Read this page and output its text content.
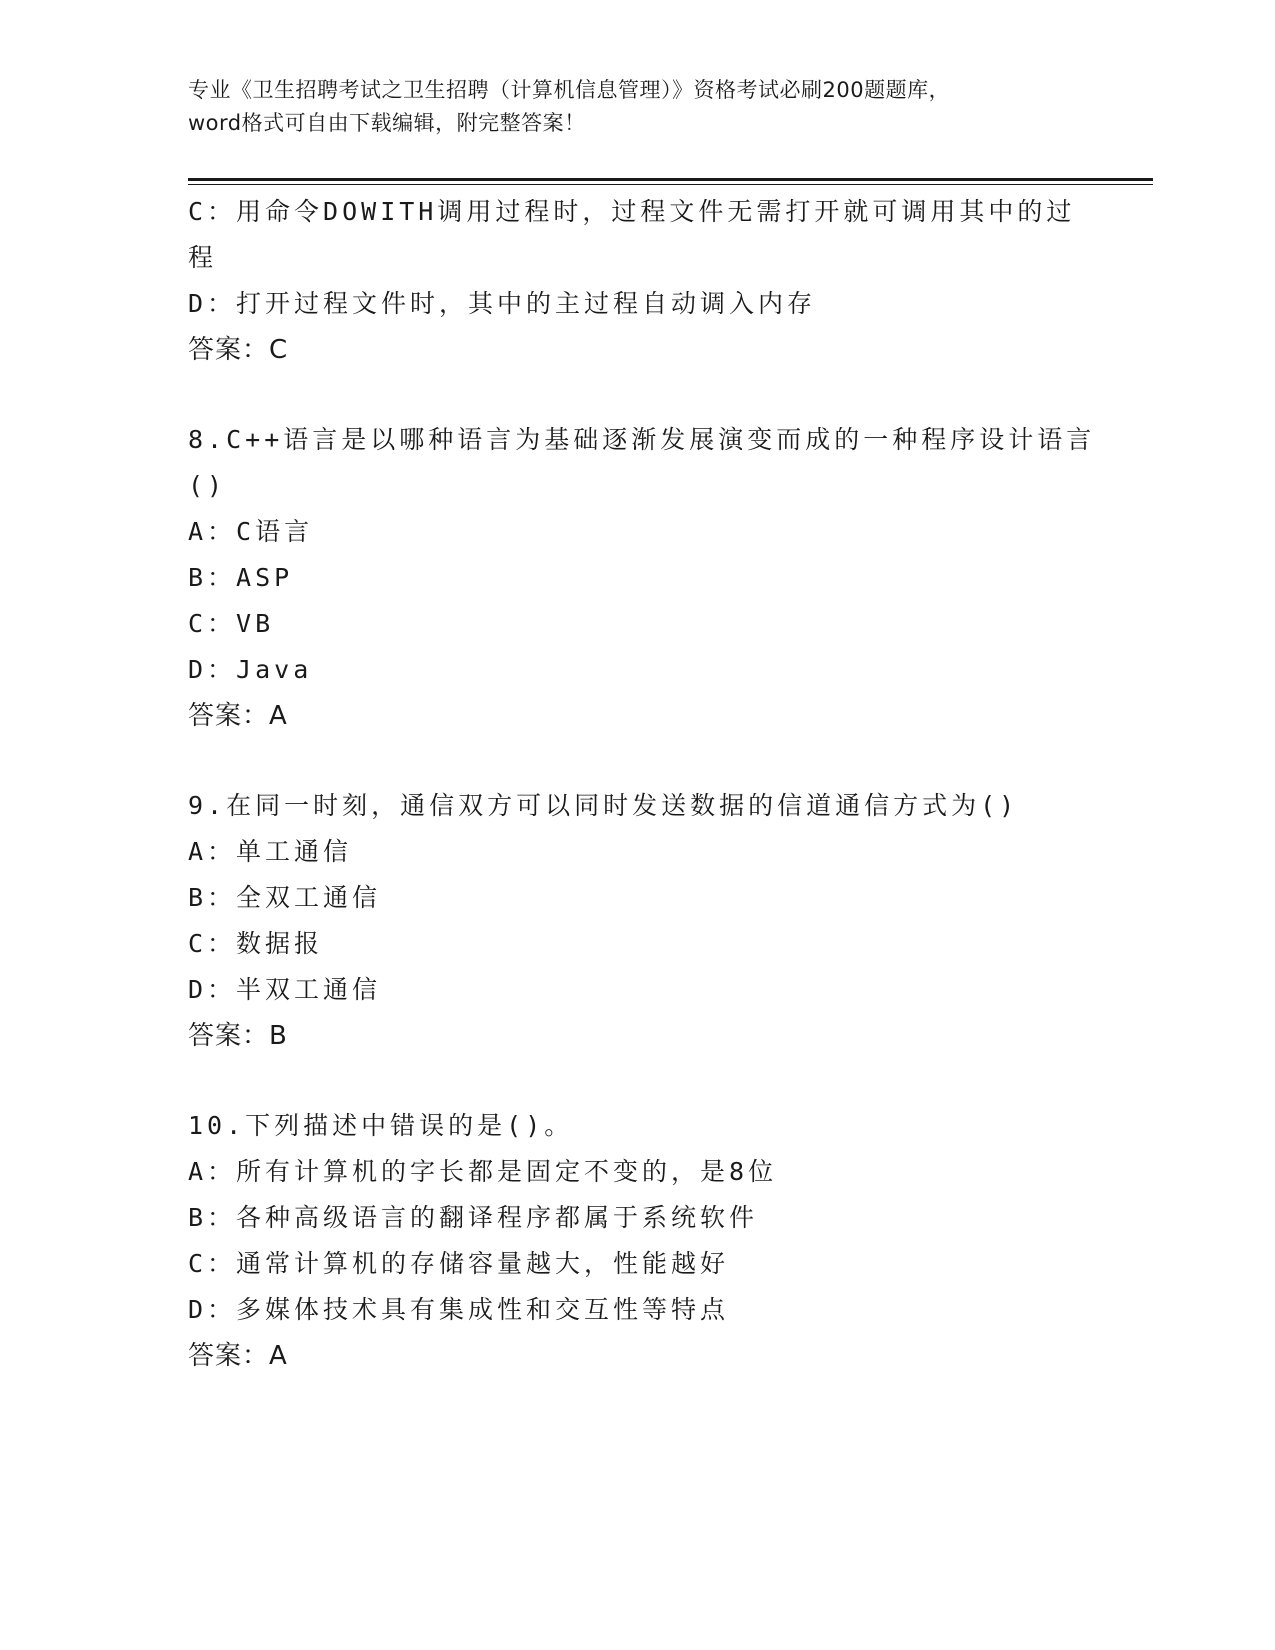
专业《卫生招聘考试之卫生招聘（计算机信息管理）》资格考试必刷200题题库，
word格式可自由下载编辑，附完整答案！
C：用命令DOWITH调用过程时，过程文件无需打开就可调用其中的过
程
D：打开过程文件时，其中的主过程自动调入内存
答案：C
8.C++语言是以哪种语言为基础逐渐发展演变而成的一种程序设计语言
()
A：C语言
B：ASP
C：VB
D：Java
答案：A
9.在同一时刻，通信双方可以同时发送数据的信道通信方式为()
A：单工通信
B：全双工通信
C：数据报
D：半双工通信
答案：B
10.下列描述中错误的是()。
A：所有计算机的字长都是固定不变的，是8位
B：各种高级语言的翻译程序都属于系统软件
C：通常计算机的存储容量越大，性能越好
D：多媒体技术具有集成性和交互性等特点
答案：A
